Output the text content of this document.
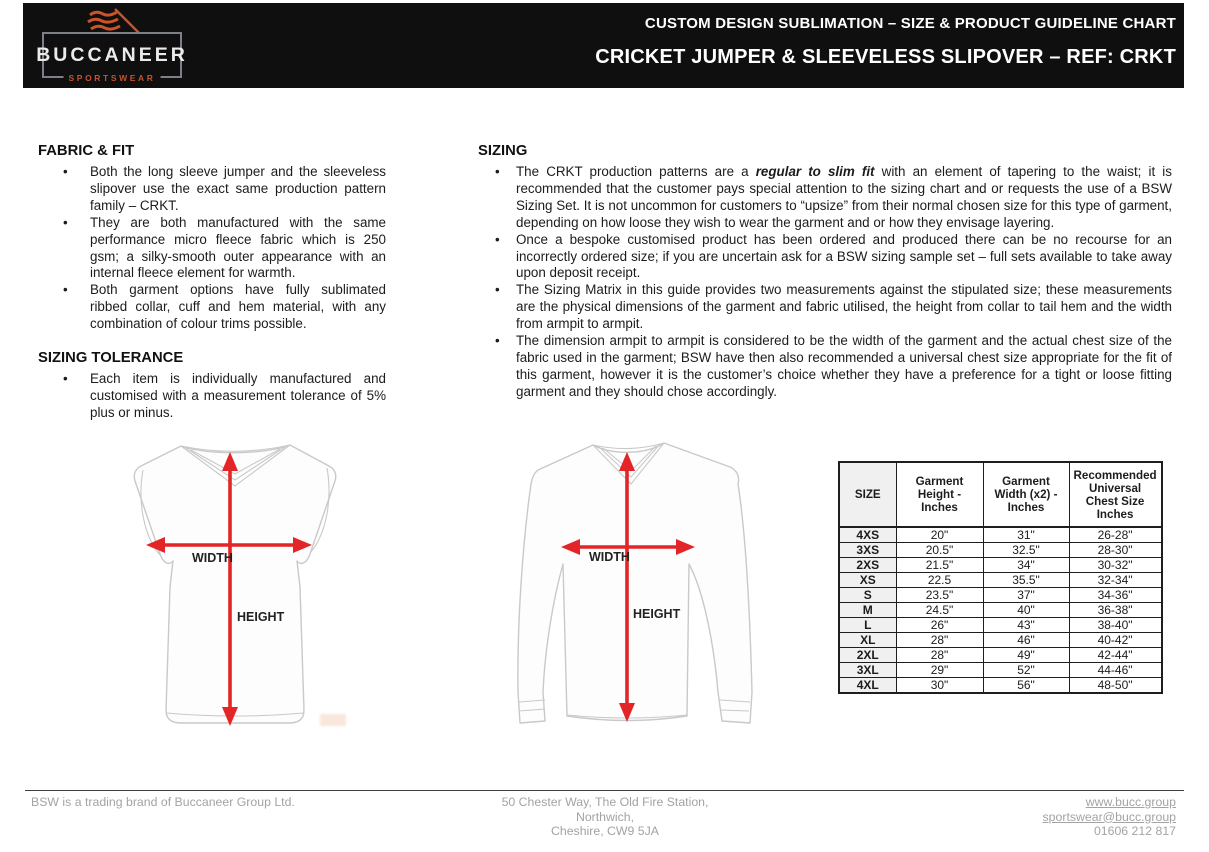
BUCCANEER
SPORTSWEAR
CUSTOM DESIGN SUBLIMATION – SIZE & PRODUCT GUIDELINE CHART
CRICKET JUMPER & SLEEVELESS SLIPOVER – REF: CRKT
FABRIC & FIT
• Both the long sleeve jumper and the sleeveless slipover use the exact same production pattern family – CRKT.
• They are both manufactured with the same performance micro fleece fabric which is 250 gsm; a silky-smooth outer appearance with an internal fleece element for warmth.
• Both garment options have fully sublimated ribbed collar, cuff and hem material, with any combination of colour trims possible.
SIZING TOLERANCE
• Each item is individually manufactured and customised with a measurement tolerance of 5% plus or minus.
SIZING
• The CRKT production patterns are a regular to slim fit with an element of tapering to the waist; it is recommended that the customer pays special attention to the sizing chart and or requests the use of a BSW Sizing Set. It is not uncommon for customers to “upsize” from their normal chosen size for this type of garment, depending on how loose they wish to wear the garment and or how they envisage layering.
• Once a bespoke customised product has been ordered and produced there can be no recourse for an incorrectly ordered size; if you are uncertain ask for a BSW sizing sample set – full sets available to take away upon deposit receipt.
• The Sizing Matrix in this guide provides two measurements against the stipulated size; these measurements are the physical dimensions of the garment and fabric utilised, the height from collar to tail hem and the width from armpit to armpit.
• The dimension armpit to armpit is considered to be the width of the garment and the actual chest size of the fabric used in the garment; BSW have then also recommended a universal chest size appropriate for the fit of this garment, however it is the customer’s choice whether they have a preference for a tight or loose fitting garment and they should chose accordingly.
WIDTH
HEIGHT
WIDTH
HEIGHT
SIZE	Garment Height - Inches	Garment Width (x2) - Inches	Recommended Universal Chest Size Inches
4XS	20"	31"	26-28"
3XS	20.5"	32.5"	28-30"
2XS	21.5"	34"	30-32"
XS	22.5	35.5"	32-34"
S	23.5"	37"	34-36"
M	24.5"	40"	36-38"
L	26"	43"	38-40"
XL	28"	46"	40-42"
2XL	28"	49"	42-44"
3XL	29"	52"	44-46"
4XL	30"	56"	48-50"
BSW is a trading brand of Buccaneer Group Ltd.	50 Chester Way, The Old Fire Station,
Northwich,
Cheshire, CW9 5JA
www.bucc.group
sportswear@bucc.group
01606 212 817
